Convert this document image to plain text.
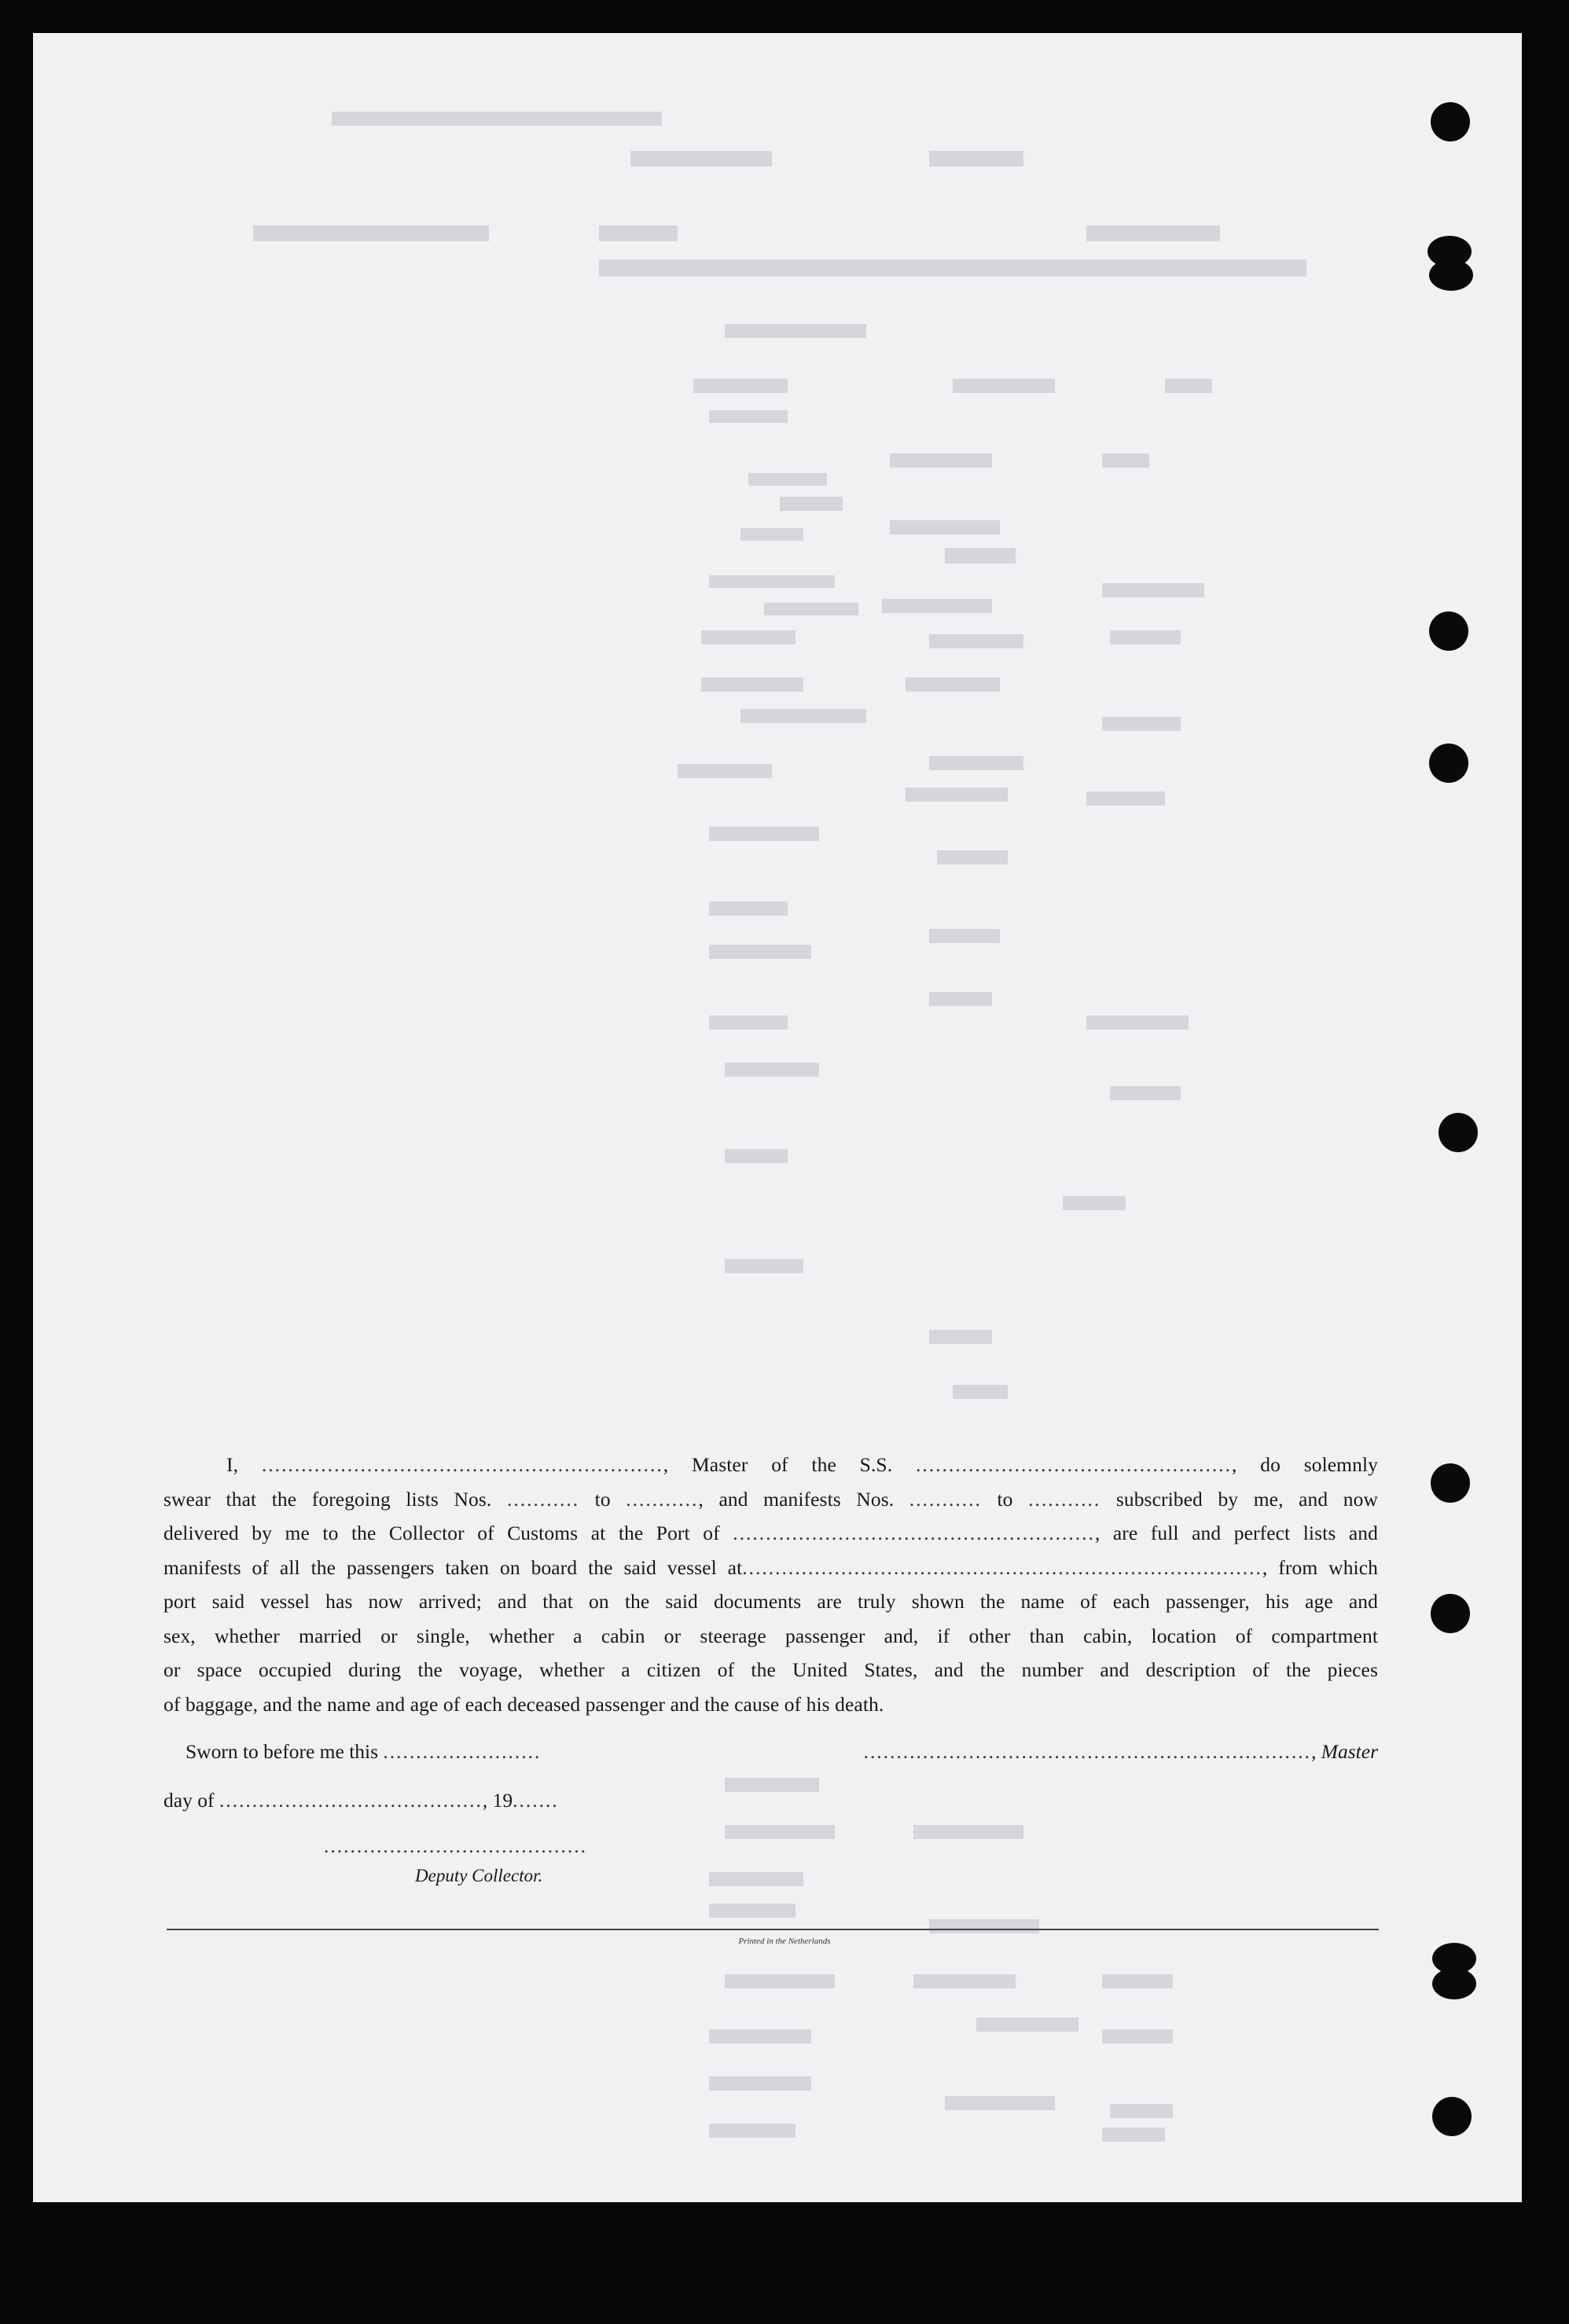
I, ............................................................., Master of the S.S. ................................................, do solemnly
swear that the foregoing lists Nos. ........... to ..........., and manifests Nos. ........... to ........... subscribed by me, and now
delivered by me to the Collector of Customs at the Port of ......................................................., are full and perfect lists and
manifests of all the passengers taken on board the said vessel at..............................................................................., from which
port said vessel has now arrived; and that on the said documents are truly shown the name of each passenger, his age and
sex, whether married or single, whether a cabin or steerage passenger and, if other than cabin, location of compartment
or space occupied during the voyage, whether a citizen of the United States, and the number and description of the pieces
of baggage, and the name and age of each deceased passenger and the cause of his death.
Sworn to before me this ........................	...................................................................., Master
day of ........................................, 19.......
........................................
Deputy Collector.
Printed in the Netherlands
